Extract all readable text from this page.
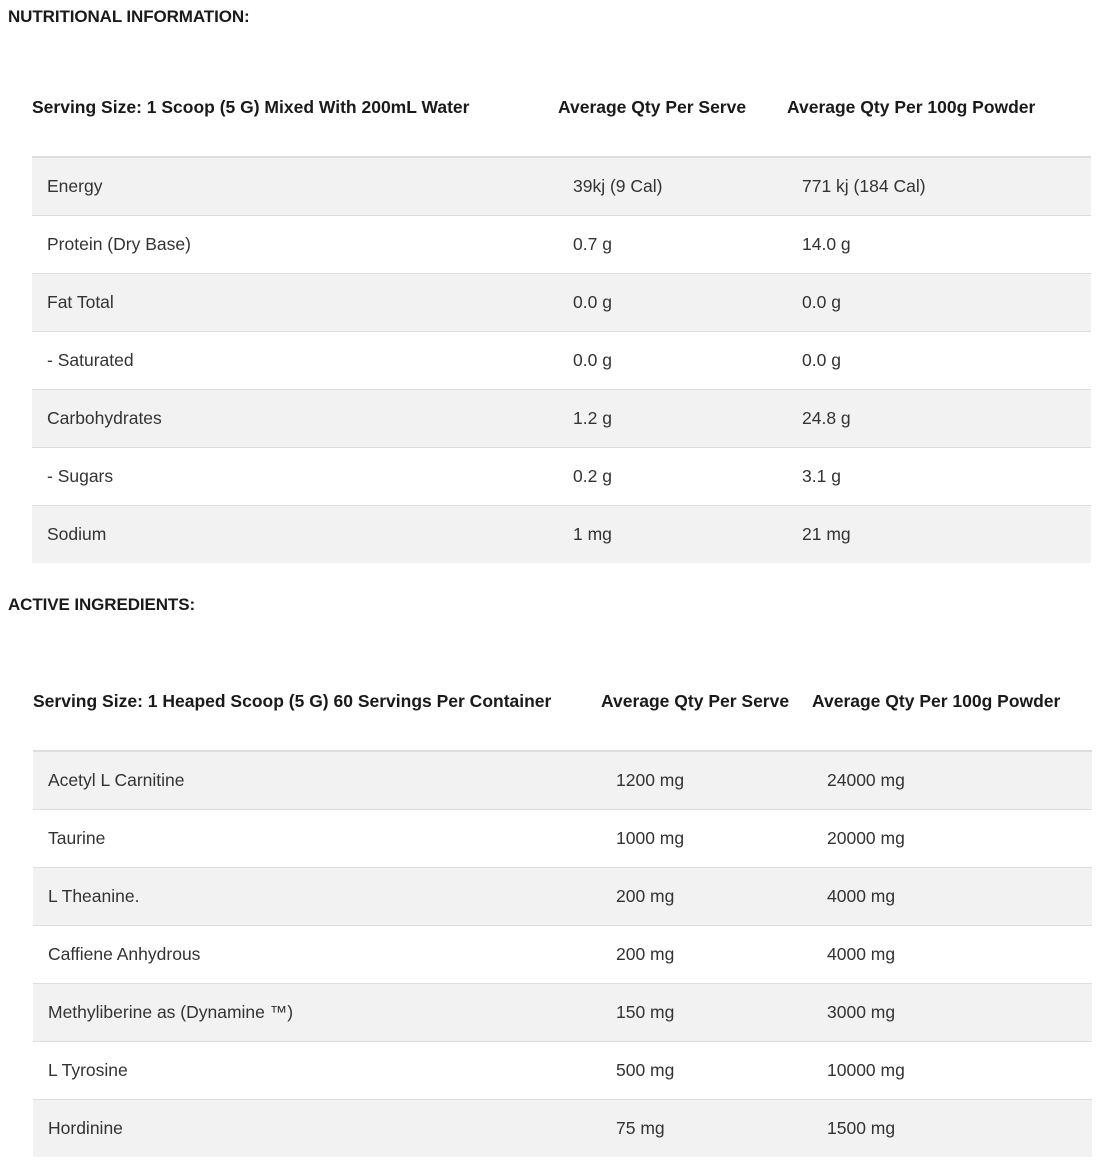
NUTRITIONAL INFORMATION:
Serving Size: 1 Scoop (5 G) Mixed With 200mL Water	Average Qty Per Serve	Average Qty Per 100g Powder
Energy	39kj (9 Cal)	771 kj (184 Cal)
Protein (Dry Base)	0.7 g	14.0 g
Fat Total	0.0 g	0.0 g
- Saturated	0.0 g	0.0 g
Carbohydrates	1.2 g	24.8 g
- Sugars	0.2 g	3.1 g
Sodium	1 mg	21 mg
ACTIVE INGREDIENTS:
Serving Size: 1 Heaped Scoop (5 G) 60 Servings Per Container	Average Qty Per Serve	Average Qty Per 100g Powder
Acetyl L Carnitine	1200 mg	24000 mg
Taurine	1000 mg	20000 mg
L Theanine.	200 mg	4000 mg
Caffiene Anhydrous	200 mg	4000 mg
Methyliberine as (Dynamine ™)	150 mg	3000 mg
L Tyrosine	500 mg	10000 mg
Hordinine	75 mg	1500 mg
